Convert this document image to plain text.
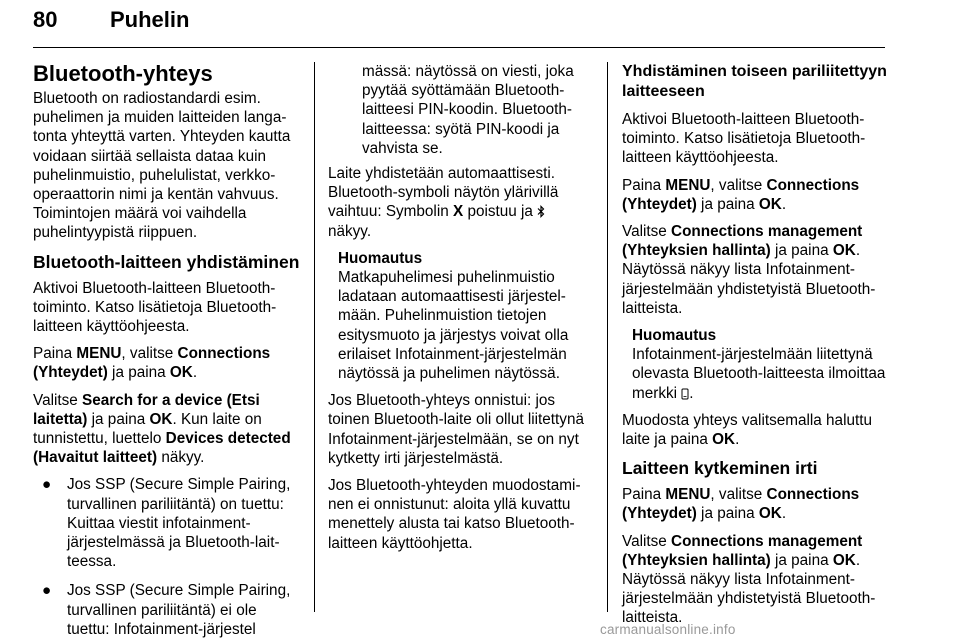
80 Puhelin
Bluetooth-yhteys

Bluetooth on radiostandardi esim. puhelimen ja muiden laitteiden langatonta yhteyttä varten. Yhteyden kautta voidaan siirtää sellaista dataa kuin puhelinmuistio, puhelulistat, verkko-operaattorin nimi ja kentän vahvuus. Toimintojen määrä voi vaihdella puhelintyypistä riippuen.

Bluetooth-laitteen yhdistäminen

Aktivoi Bluetooth-laitteen Bluetooth-toiminto. Katso lisätietoja Bluetooth-laitteen käyttöohjeesta.

Paina MENU, valitse Connections (Yhteydet) ja paina OK.

Valitse Search for a device (Etsi laitetta) ja paina OK. Kun laite on tunnistettu, luettelo Devices detected (Havaitut laitteet) näkyy.

● Jos SSP (Secure Simple Pairing, turvallinen pariliitäntä) on tuettu: Kuittaa viestit infotainment-järjestelmässä ja Bluetooth-laitteessa.
● Jos SSP (Secure Simple Pairing, turvallinen pariliitäntä) ei ole tuettu: Infotainment-järjestel

mässä: näytössä on viesti, joka pyytää syöttämään Bluetooth-laitteesi PIN-koodin. Bluetooth-laitteessa: syötä PIN-koodi ja vahvista se.

Laite yhdistetään automaattisesti. Bluetooth-symboli näytön ylärivillä vaihtuu: Symbolin X poistuu ja
näkyy.

Huomautus
Matkapuhelimesi puhelinmuistio ladataan automaattisesti järjestelmään. Puhelinmuistion tietojen esitysmuoto ja järjestys voivat olla erilaiset Infotainment-järjestelmän näytössä ja puhelimen näytössä.

Jos Bluetooth-yhteys onnistui: jos toinen Bluetooth-laite oli ollut liitettynä Infotainment-järjestelmään, se on nyt kytketty irti järjestelmästä.

Jos Bluetooth-yhteyden muodostaminen ei onnistunut: aloita yllä kuvattu menettely alusta tai katso Bluetooth-laitteen käyttöohjetta.

Yhdistäminen toiseen pariliitettyyn laitteeseen

Aktivoi Bluetooth-laitteen Bluetooth-toiminto. Katso lisätietoja Bluetooth-laitteen käyttöohjeesta.

Paina MENU, valitse Connections (Yhteydet) ja paina OK.

Valitse Connections management (Yhteyksien hallinta) ja paina OK. Näytössä näkyy lista Infotainment-järjestelmään yhdistetyistä Bluetooth-laitteista.

Huomautus
Infotainment-järjestelmään liitettynä olevasta Bluetooth-laitteesta ilmoittaa merkki .

Muodosta yhteys valitsemalla haluttu laite ja paina OK.

Laitteen kytkeminen irti

Paina MENU, valitse Connections (Yhteydet) ja paina OK.

Valitse Connections management (Yhteyksien hallinta) ja paina OK. Näytössä näkyy lista Infotainment-järjestelmään yhdistetyistä Bluetooth-laitteista.

carmanualsonline.info
